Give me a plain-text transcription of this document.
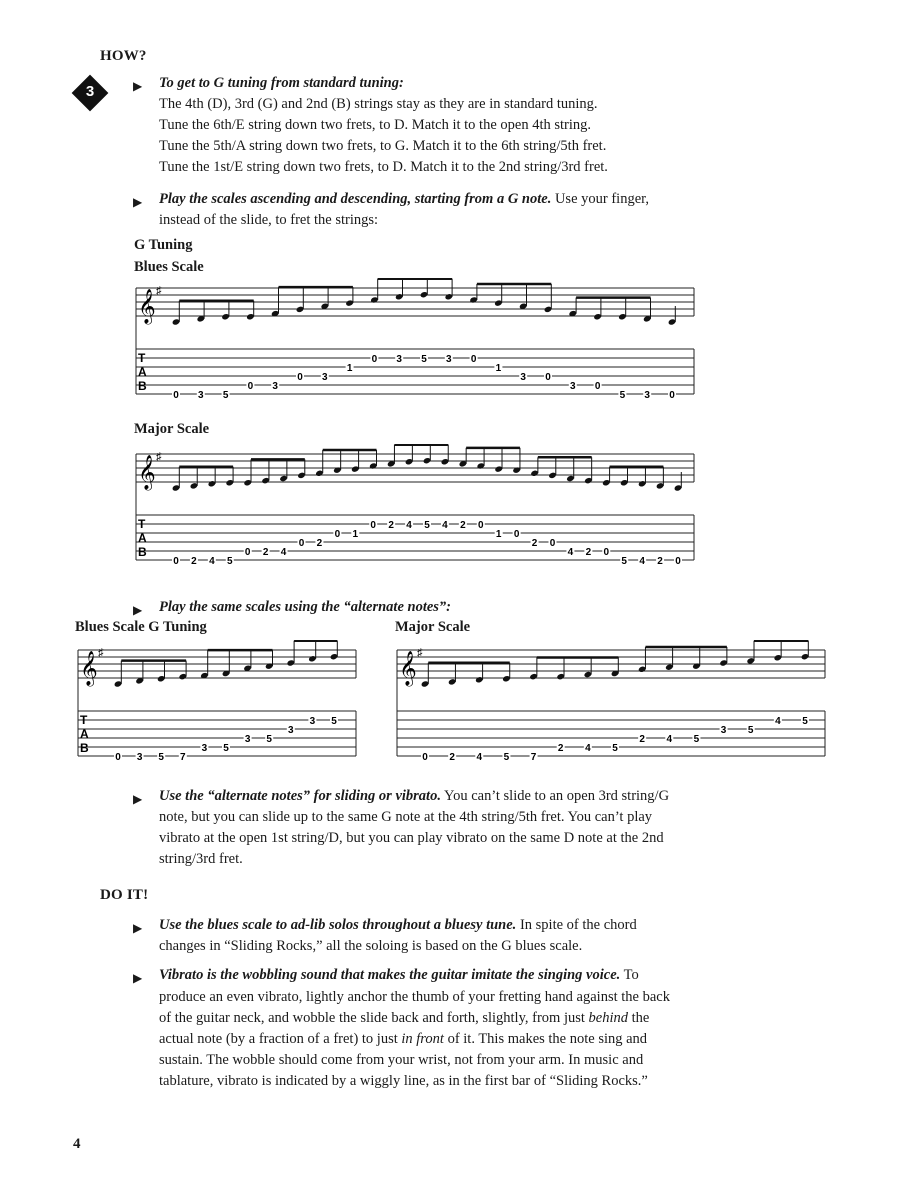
HOW?
3	▶ To get to G tuning from standard tuning:
The 4th (D), 3rd (G) and 2nd (B) strings stay as they are in standard tuning.
Tune the 6th/E string down two frets, to D. Match it to the open 4th string.
Tune the 5th/A string down two frets, to G. Match it to the 6th string/5th fret.
Tune the 1st/E string down two frets, to D. Match it to the 2nd string/3rd fret.
▶ Play the scales ascending and descending, starting from a G note. Use your finger,
instead of the slide, to fret the strings:
G Tuning
Blues Scale
𝄞 ♯
T
A
B
0 3 5
0 3
0 3
1
0 3 5 3 0
1
3 0
3 0
5 3 0
Major Scale
𝄞 ♯
T
A
B
0 2 4 5
0 2 4
0 2
0 1
0 2 4 5 4 2 0
1 0
2 0
4 2 0
5 4 2 0
▶ Play the same scales using the “alternate notes”:
Blues Scale G Tuning	Major Scale
𝄞 ♯
T
A
B
0 3 5 7
3 5
3 5
3
3 5
𝄞 ♯
0 2 4 5 7
2 4 5
2 4 5
3 5
4 5
▶ Use the “alternate notes” for sliding or vibrato. You can’t slide to an open 3rd string/G
note, but you can slide up to the same G note at the 4th string/5th fret. You can’t play
vibrato at the open 1st string/D, but you can play vibrato on the same D note at the 2nd
string/3rd fret.
DO IT!
▶ Use the blues scale to ad-lib solos throughout a bluesy tune. In spite of the chord
changes in “Sliding Rocks,” all the soloing is based on the G blues scale.
▶ Vibrato is the wobbling sound that makes the guitar imitate the singing voice. To
produce an even vibrato, lightly anchor the thumb of your fretting hand against the back
of the guitar neck, and wobble the slide back and forth, slightly, from just behind the
actual note (by a fraction of a fret) to just in front of it. This makes the note sing and
sustain. The wobble should come from your wrist, not from your arm. In music and
tablature, vibrato is indicated by a wiggly line, as in the first bar of “Sliding Rocks.”
4
